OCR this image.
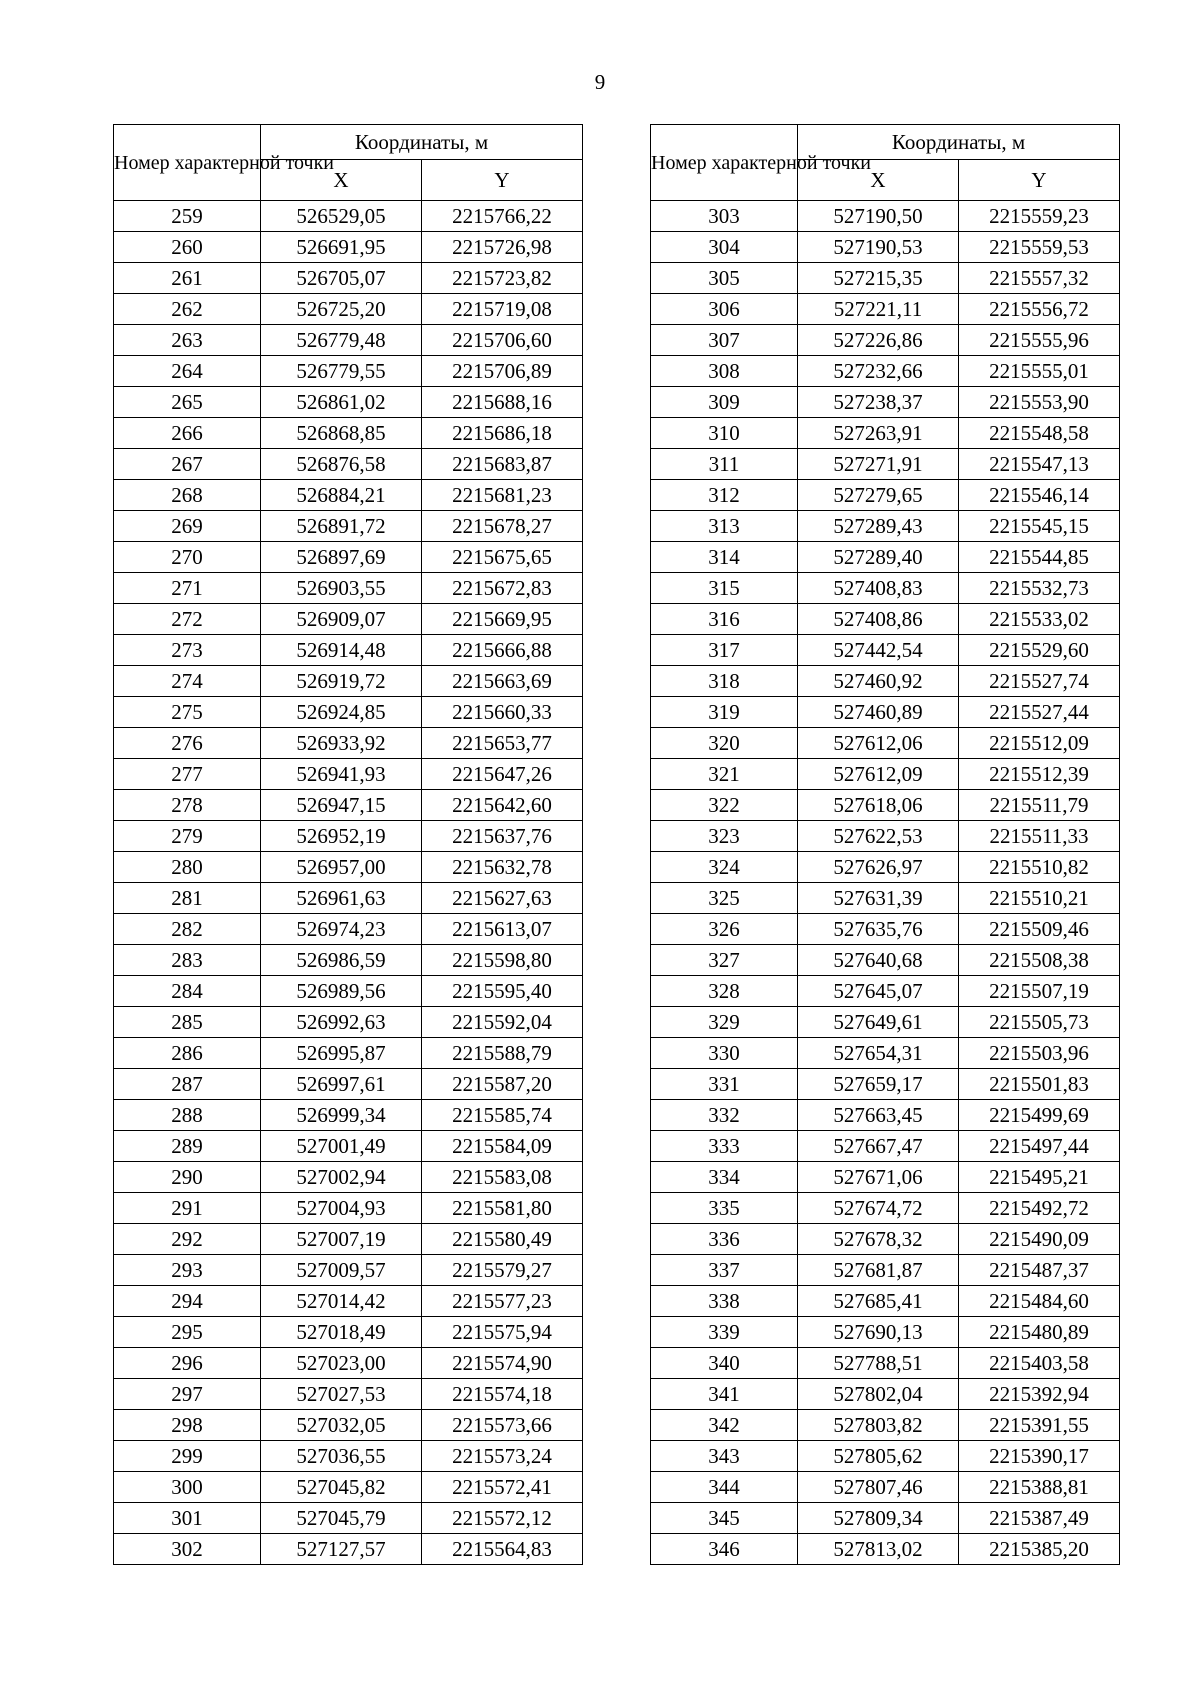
9
Номер характерной точки	Координаты, м	
	X	Y
259	526529,05	2215766,22
260	526691,95	2215726,98
261	526705,07	2215723,82
262	526725,20	2215719,08
263	526779,48	2215706,60
264	526779,55	2215706,89
265	526861,02	2215688,16
266	526868,85	2215686,18
267	526876,58	2215683,87
268	526884,21	2215681,23
269	526891,72	2215678,27
270	526897,69	2215675,65
271	526903,55	2215672,83
272	526909,07	2215669,95
273	526914,48	2215666,88
274	526919,72	2215663,69
275	526924,85	2215660,33
276	526933,92	2215653,77
277	526941,93	2215647,26
278	526947,15	2215642,60
279	526952,19	2215637,76
280	526957,00	2215632,78
281	526961,63	2215627,63
282	526974,23	2215613,07
283	526986,59	2215598,80
284	526989,56	2215595,40
285	526992,63	2215592,04
286	526995,87	2215588,79
287	526997,61	2215587,20
288	526999,34	2215585,74
289	527001,49	2215584,09
290	527002,94	2215583,08
291	527004,93	2215581,80
292	527007,19	2215580,49
293	527009,57	2215579,27
294	527014,42	2215577,23
295	527018,49	2215575,94
296	527023,00	2215574,90
297	527027,53	2215574,18
298	527032,05	2215573,66
299	527036,55	2215573,24
300	527045,82	2215572,41
301	527045,79	2215572,12
302	527127,57	2215564,83
Номер характерной точки	Координаты, м	
	X	Y
303	527190,50	2215559,23
304	527190,53	2215559,53
305	527215,35	2215557,32
306	527221,11	2215556,72
307	527226,86	2215555,96
308	527232,66	2215555,01
309	527238,37	2215553,90
310	527263,91	2215548,58
311	527271,91	2215547,13
312	527279,65	2215546,14
313	527289,43	2215545,15
314	527289,40	2215544,85
315	527408,83	2215532,73
316	527408,86	2215533,02
317	527442,54	2215529,60
318	527460,92	2215527,74
319	527460,89	2215527,44
320	527612,06	2215512,09
321	527612,09	2215512,39
322	527618,06	2215511,79
323	527622,53	2215511,33
324	527626,97	2215510,82
325	527631,39	2215510,21
326	527635,76	2215509,46
327	527640,68	2215508,38
328	527645,07	2215507,19
329	527649,61	2215505,73
330	527654,31	2215503,96
331	527659,17	2215501,83
332	527663,45	2215499,69
333	527667,47	2215497,44
334	527671,06	2215495,21
335	527674,72	2215492,72
336	527678,32	2215490,09
337	527681,87	2215487,37
338	527685,41	2215484,60
339	527690,13	2215480,89
340	527788,51	2215403,58
341	527802,04	2215392,94
342	527803,82	2215391,55
343	527805,62	2215390,17
344	527807,46	2215388,81
345	527809,34	2215387,49
346	527813,02	2215385,20
